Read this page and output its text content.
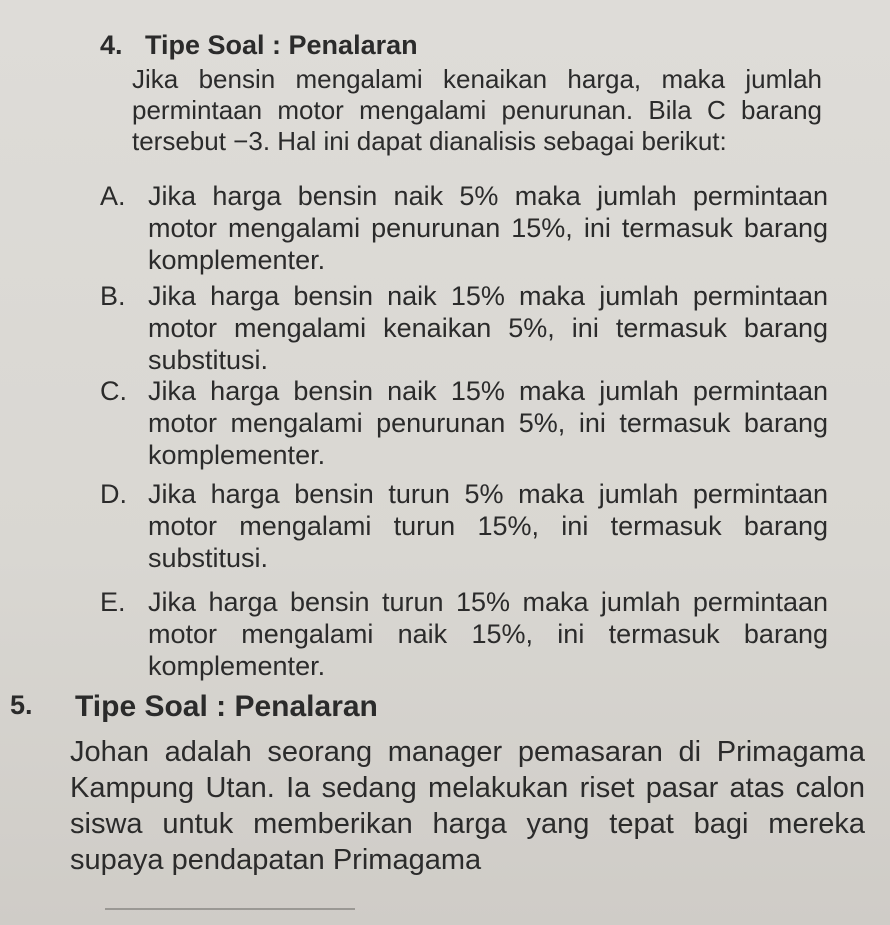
4. Tipe Soal : Penalaran
Jika bensin mengalami kenaikan harga, maka jumlah permintaan motor mengalami penurunan. Bila C barang tersebut −3. Hal ini dapat dianalisis sebagai berikut:
A. Jika harga bensin naik 5% maka jumlah permintaan motor mengalami penurunan 15%, ini termasuk barang komplementer.
B. Jika harga bensin naik 15% maka jumlah permintaan motor mengalami kenaikan 5%, ini termasuk barang substitusi.
C. Jika harga bensin naik 15% maka jumlah permintaan motor mengalami penurunan 5%, ini termasuk barang komplementer.
D. Jika harga bensin turun 5% maka jumlah permintaan motor mengalami turun 15%, ini termasuk barang substitusi.
E. Jika harga bensin turun 15% maka jumlah permintaan motor mengalami naik 15%, ini termasuk barang komplementer.
5. Tipe Soal : Penalaran
Johan adalah seorang manager pemasaran di Primagama Kampung Utan. Ia sedang melakukan riset pasar atas calon siswa untuk memberikan harga yang tepat bagi mereka supaya pendapatan Primagama
